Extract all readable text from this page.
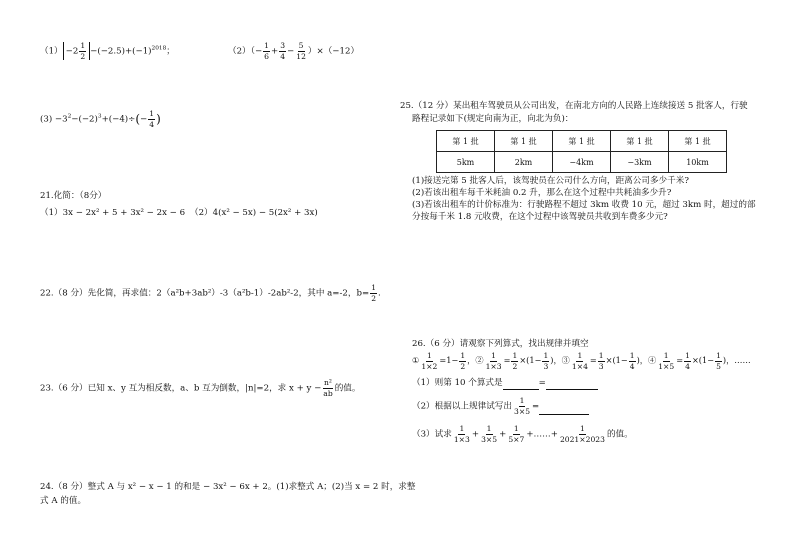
$(1) -2 \frac{1}{2} -(-2.5)+(-1)^{2018}$；	$(2)(- \frac{1}{6} + \frac{3}{4} - \frac{5}{12} )\times(-12)$
$(3) -3^2-(-2)^3+(-4)\div(- \frac{1}{4}$ )
21.化简：（8分）
（1）3x − 2x² + 5 + 3x² − 2x − 6 （2）4(x² − 5x) − 5(2x² + 3x)
22.（8 分）先化简，再求值：2（a²b+3ab²）-3（a²b-1）-2ab²-2，其中 a=-2，$b= \frac{1}{2}$ .
23.（6 分）已知 x、y 互为相反数，a、b 互为倒数，|n|=2，求 $x + y - \frac{\text{n²}}{ab}$ 的值。
24.（8 分）整式 A 与 x² − x − 1 的和是 − 3x² − 6x + 2。(1)求整式 A；(2)当 x = 2 时，求整
式 A 的值。
25.（12 分）某出租车驾驶员从公司出发，在南北方向的人民路上连续接送 5 批客人，行驶
路程记录如下(规定向南为正，向北为负)：
第 1 批	第 1 批	第 1 批	第 1 批	第 1 批
5km	2km	−4km	−3km	10km
(1)接送完第 5 批客人后，该驾驶员在公司什么方向，距离公司多少千米?
(2)若该出租车每千米耗油 0.2 升，那么在这个过程中共耗油多少升?
(3)若该出租车的计价标准为：行驶路程不超过 3km 收费 10 元，超过 3km 时，超过的部
分按每千米 1.8 元收费，在这个过程中该驾驶员共收到车费多少元?
26.（6 分）请观察下列算式，找出规律并填空
① $\frac{1}{1\times 2} =1- \frac{1}{2}$ ，② $\frac{1}{1\times 3} = \frac{1}{2} \times(1- \frac{1}{3}$ )，③ $\frac{1}{1\times 4} = \frac{1}{3} \times(1- \frac{1}{4}$ )，④ $\frac{1}{1\times 5} = \frac{1}{4} \times(1- \frac{1}{5}$ )，……
（1）则第 10 个算式是	=
（2）根据以上规律试写出 $\frac{1}{3\times 5}$ =
（3）试求 $\frac{1}{1\times 3} + \frac{1}{3\times 5} + \frac{1}{5\times 7}$ +……+ $\frac{1}{2021\times 2023}$ 的值。
